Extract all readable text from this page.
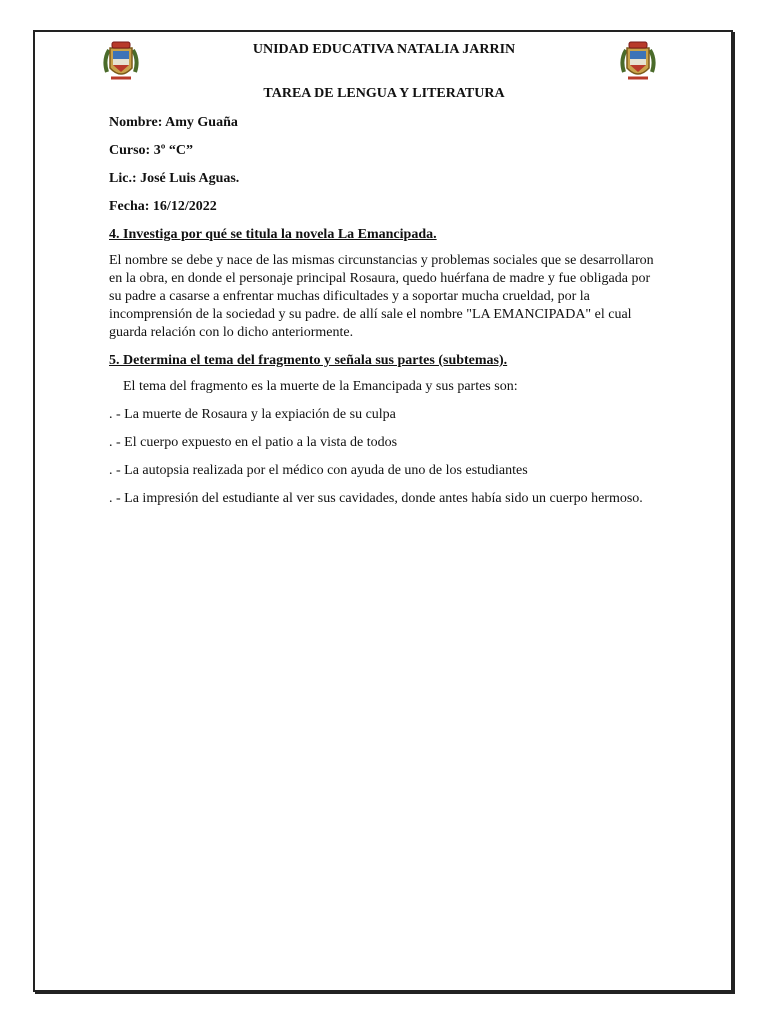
UNIDAD EDUCATIVA NATALIA JARRIN
TAREA DE LENGUA Y LITERATURA

Nombre: Amy Guaña

Curso: 3º “C”

Lic.: José Luis Aguas.

Fecha: 16/12/2022

4. Investiga por qué se titula la novela La Emancipada.

El nombre se debe y nace de las mismas circunstancias y problemas sociales que se desarrollaron en la obra, en donde el personaje principal Rosaura, quedo huérfana de madre y fue obligada por su padre a casarse a enfrentar muchas dificultades y a soportar mucha crueldad, por la incomprensión de la sociedad y su padre. de allí sale el nombre "LA EMANCIPADA" el cual guarda relación con lo dicho anteriormente.

5. Determina el tema del fragmento y señala sus partes (subtemas).

El tema del fragmento es la muerte de la Emancipada y sus partes son:

. - La muerte de Rosaura y la expiación de su culpa

. - El cuerpo expuesto en el patio a la vista de todos

. - La autopsia realizada por el médico con ayuda de uno de los estudiantes

. - La impresión del estudiante al ver sus cavidades, donde antes había sido un cuerpo hermoso.
